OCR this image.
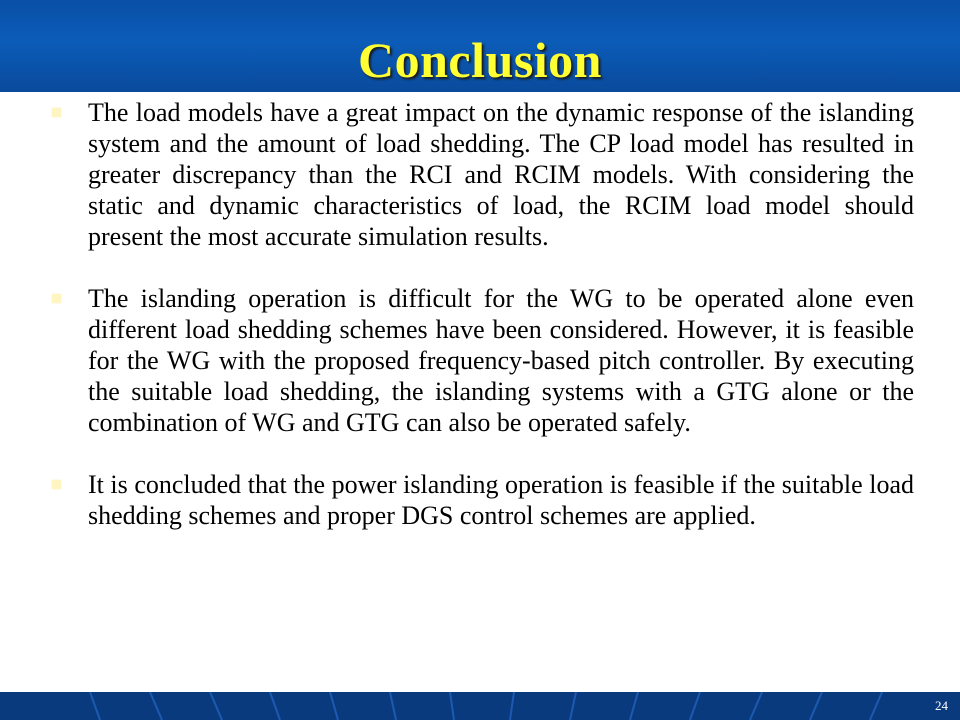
Conclusion
The load models have a great impact on the dynamic response of the islanding system and the amount of load shedding. The CP load model has resulted in greater discrepancy than the RCI and RCIM models. With considering the static and dynamic characteristics of load, the RCIM load model should present the most accurate simulation results.
The islanding operation is difficult for the WG to be operated alone even different load shedding schemes have been considered. However, it is feasible for the WG with the proposed frequency-based pitch controller. By executing the suitable load shedding, the islanding systems with a GTG alone or the combination of WG and GTG can also be operated safely.
It is concluded that the power islanding operation is feasible if the suitable load shedding schemes and proper DGS control schemes are applied.
24
